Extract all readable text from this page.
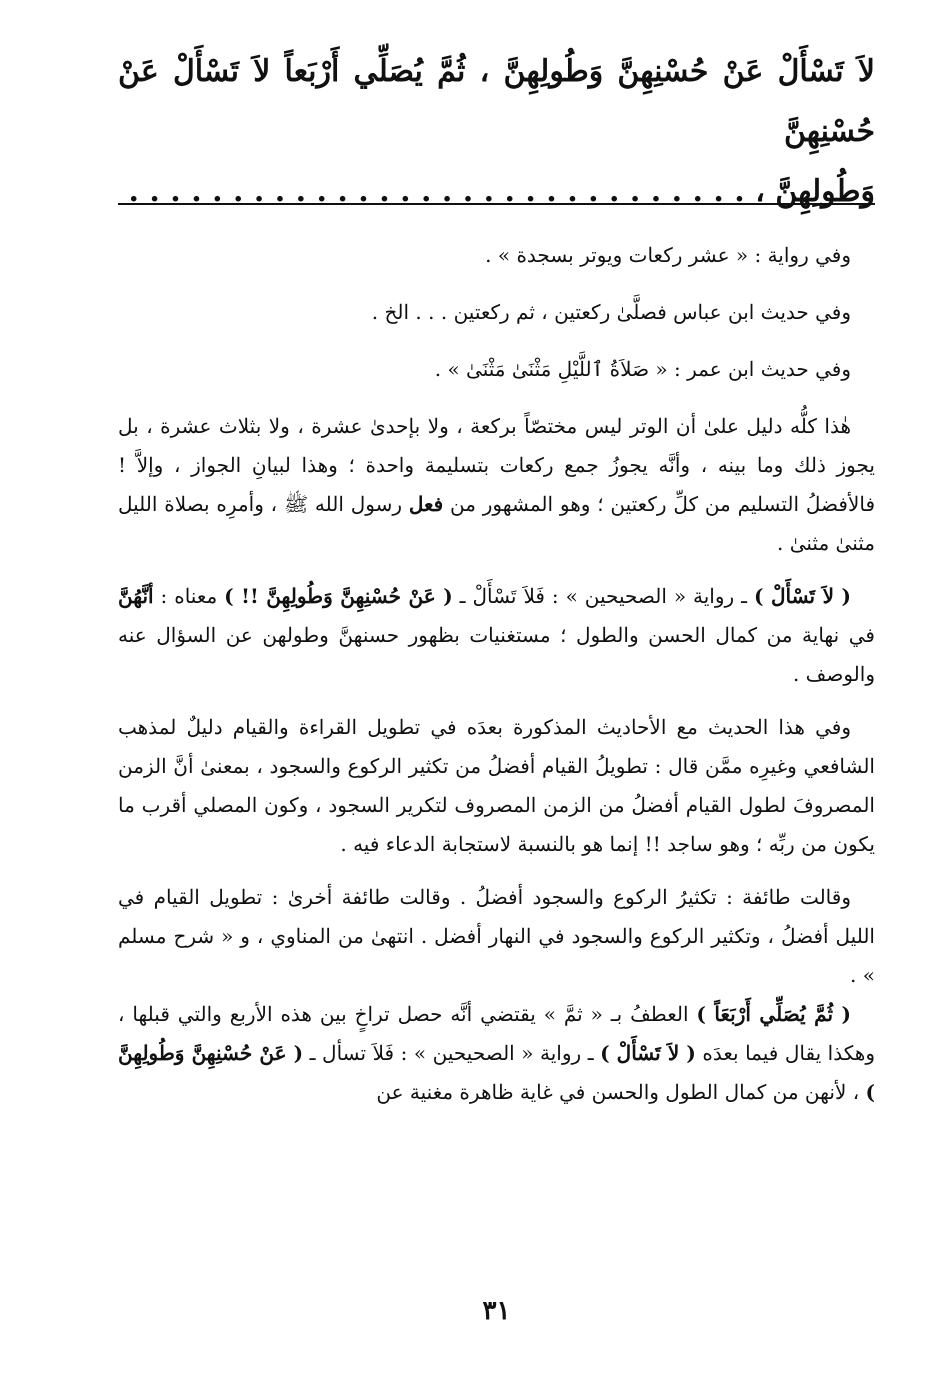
لاَ تَسْأَلْ عَنْ حُسْنِهِنَّ وَطُولِهِنَّ ، ثُمَّ يُصَلِّي أَرْبَعاً لاَ تَسْأَلْ عَنْ حُسْنِهِنَّ

وَطُولِهِنَّ ، . . . . . . . . . . . . . . . . . . . . . . . . . . . . . .

وفي رواية : « عشر ركعات ويوتر بسجدة » .

وفي حديث ابن عباس فصلَّىٰ ركعتين ، ثم ركعتين . . . الخ .

وفي حديث ابن عمر : « صَلاَةُ ٱللَّيْلِ مَثْنَىٰ مَثْنَىٰ » .

هٰذا كلُّه دليل علىٰ أن الوتر ليس مختصّاً بركعة ، ولا بإحدىٰ عشرة ، ولا بثلاث عشرة ، بل يجوز ذلك وما بينه ، وأنَّه يجوزُ جمع ركعات بتسليمة واحدة ؛ وهذا لبيانِ الجواز ، وإلاَّ ! فالأفضلُ التسليم من كلِّ ركعتين ؛ وهو المشهور من فعل رسول الله ﷺ ، وأمرِه بصلاة الليل مثنىٰ مثنىٰ .

( لاَ تَسْأَلْ ) ـ رواية « الصحيحين » : فَلاَ تَسْأَلْ ـ ( عَنْ حُسْنِهِنَّ وَطُولِهِنَّ !! ) معناه : أنَّهُنَّ في نهاية من كمال الحسن والطول ؛ مستغنيات بظهور حسنهنَّ وطولهن عن السؤال عنه والوصف .

وفي هذا الحديث مع الأحاديث المذكورة بعدَه في تطويل القراءة والقيام دليلٌ لمذهب الشافعي وغيرِه ممَّن قال : تطويلُ القيام أفضلُ من تكثير الركوع والسجود ، بمعنىٰ أنَّ الزمن المصروفَ لطول القيام أفضلُ من الزمن المصروف لتكرير السجود ، وكون المصلي أقرب ما يكون من ربِّه ؛ وهو ساجد !! إنما هو بالنسبة لاستجابة الدعاء فيه .

وقالت طائفة : تكثيرُ الركوع والسجود أفضلُ . وقالت طائفة أخرىٰ : تطويل القيام في الليل أفضلُ ، وتكثير الركوع والسجود في النهار أفضل . انتهىٰ من المناوي ، و « شرح مسلم » .

( ثُمَّ يُصَلِّي أَرْبَعَاً ) العطفُ بـ « ثمَّ » يقتضي أنَّه حصل تراخٍ بين هذه الأربع والتي قبلها ، وهكذا يقال فيما بعدَه ( لاَ تَسْأَلْ ) ـ رواية « الصحيحين » : فَلاَ تسأل ـ ( عَنْ حُسْنِهِنَّ وَطُولِهِنَّ ) ، لأنهن من كمال الطول والحسن في غاية ظاهرة مغنية عن

٣١
